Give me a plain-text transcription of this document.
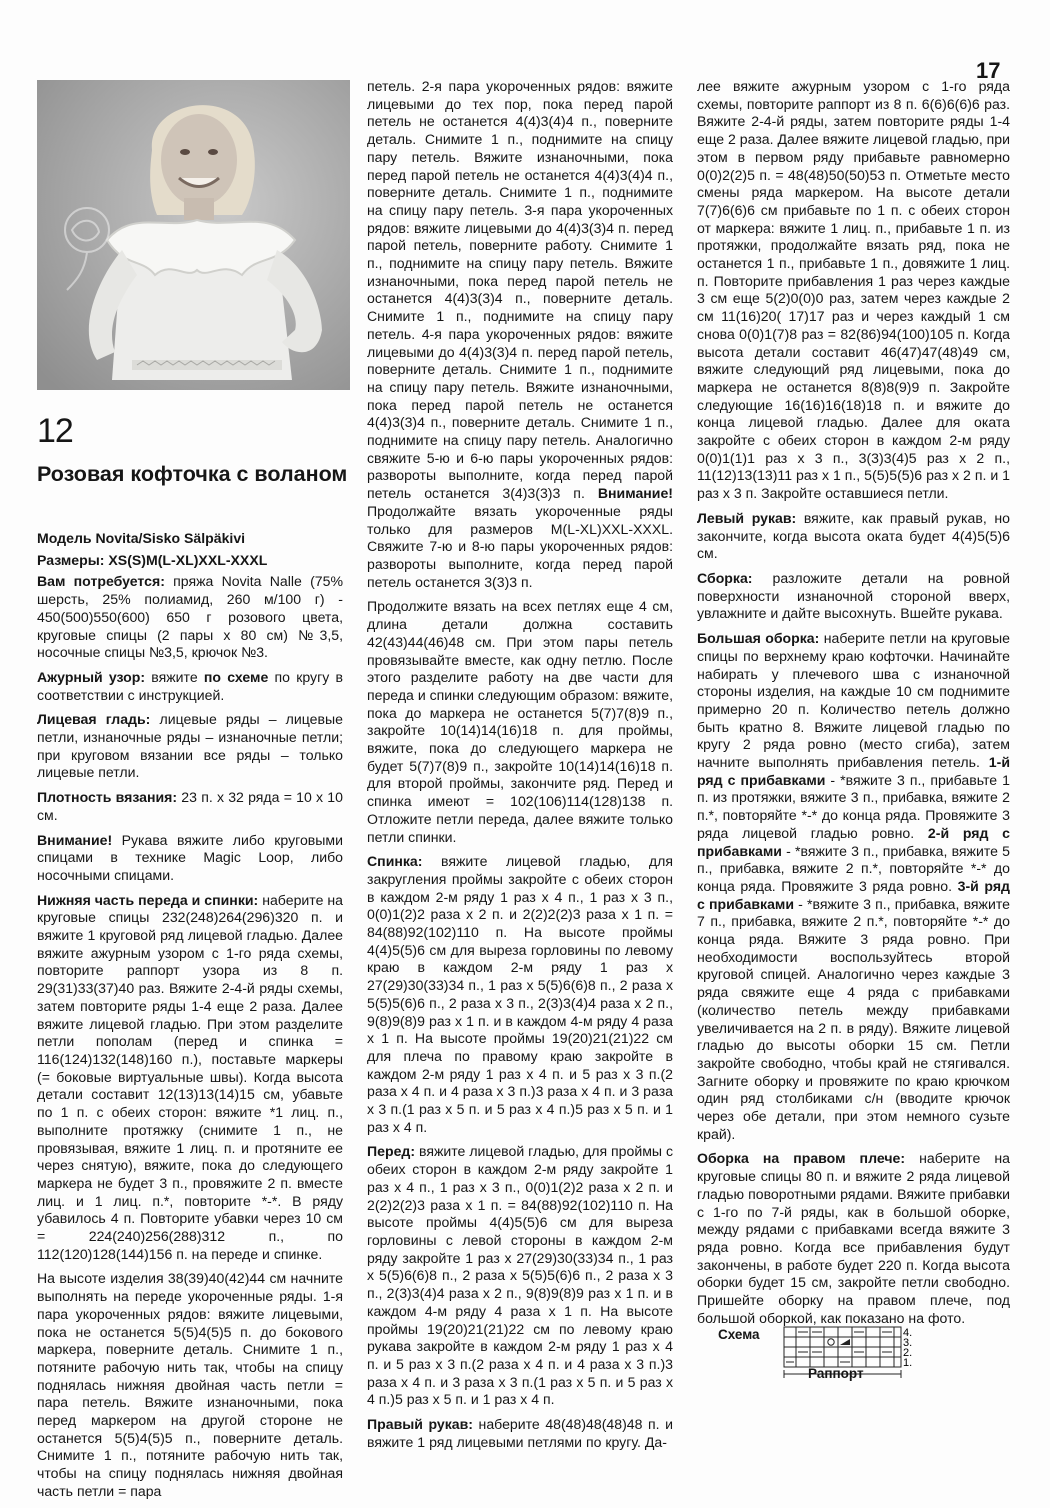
17
12
Розовая кофточка с воланом

Модель Novita/Sisko Sälpäkivi

Размеры: XS(S)M(L-XL)XXL-XXXL

Вам потребуется: пряжа Novita Nalle (75% шерсть, 25% полиамид, 260 м/100 г) - 450(500)550(600) 650 г розового цвета, круговые спицы (2 пары х 80 см) №3,5, носочные спицы №3,5, крючок №3.

Ажурный узор: вяжите по схеме по кругу в соответствии с инструкцией.

Лицевая гладь: лицевые ряды – лицевые петли, изнаночные ряды – изнаночные петли; при круговом вязании все ряды – только лицевые петли.

Плотность вязания: 23 п. х 32 ряда = 10 х 10 см.

Внимание! Рукава вяжите либо круговыми спицами в технике Magic Loop, либо носочными спицами.

Нижняя часть переда и спинки: наберите на круговые спицы 232(248)264(296)320 п. и вяжите 1 круговой ряд лицевой гладью. Далее вяжите ажурным узором с 1-го ряда схемы, повторите раппорт узора из 8 п. 29(31)33(37)40 раз. Вяжите 2-4-й ряды схемы, затем повторите ряды 1-4 еще 2 раза. Далее вяжите лицевой гладью. При этом разделите петли пополам (перед и спинка = 116(124)132(148)160 п.), поставьте маркеры (= боковые виртуальные швы). Когда высота детали составит 12(13)13(14)15 см, убавьте по 1 п. с обеих сторон: вяжите *1 лиц. п., выполните протяжку (снимите 1 п., не провязывая, вяжите 1 лиц. п. и протяните ее через снятую), вяжите, пока до следующего маркера не будет 3 п., провяжите 2 п. вместе лиц. и 1 лиц. п.*, повторите *-*. В ряду убавилось 4 п. Повторите убавки через 10 см = 224(240)256(288)312 п., по 112(120)128(144)156 п. на переде и спинке.

На высоте изделия 38(39)40(42)44 см начните выполнять на переде укороченные ряды. 1-я пара укороченных рядов: вяжите лицевыми, пока не останется 5(5)4(5)5 п. до бокового маркера, поверните деталь. Снимите 1 п., потяните рабочую нить так, чтобы на спицу поднялась нижняя двойная часть петли = пара петель. Вяжите изнаночными, пока перед маркером на другой стороне не останется 5(5)4(5)5 п., поверните деталь. Снимите 1 п., потяните рабочую нить так, чтобы на спицу поднялась нижняя двойная часть петли = пара

петель. 2-я пара укороченных рядов: вяжите лицевыми до тех пор, пока перед парой петель не останется 4(4)3(4)4 п., поверните деталь. Снимите 1 п., поднимите на спицу пару петель. Вяжите изнаночными, пока перед парой петель не останется 4(4)3(4)4 п., поверните деталь. Снимите 1 п., поднимите на спицу пару петель. 3-я пара укороченных рядов: вяжите лицевыми до 4(4)3(3)4 п. перед парой петель, поверните работу. Снимите 1 п., поднимите на спицу пару петель. Вяжите изнаночными, пока перед парой петель не останется 4(4)3(3)4 п., поверните деталь. Снимите 1 п., поднимите на спицу пару петель. 4-я пара укороченных рядов: вяжите лицевыми до 4(4)3(3)4 п. перед парой петель, поверните деталь. Снимите 1 п., поднимите на спицу пару петель. Вяжите изнаночными, пока перед парой петель не останется 4(4)3(3)4 п., поверните деталь. Снимите 1 п., поднимите на спицу пару петель. Аналогично свяжите 5-ю и 6-ю пары укороченных рядов: развороты выполните, когда перед парой петель останется 3(4)3(3)3 п. Внимание! Продолжайте вязать укороченные ряды только для размеров M(L-XL)XXL-XXXL. Свяжите 7-ю и 8-ю пары укороченных рядов: развороты выполните, когда перед парой петель останется 3(3)3 п.

Продолжите вязать на всех петлях еще 4 см, длина детали должна составить 42(43)44(46)48 см. При этом пары петель провязывайте вместе, как одну петлю. После этого разделите работу на две части для переда и спинки следующим образом: вяжите, пока до маркера не останется 5(7)7(8)9 п., закройте 10(14)14(16)18 п. для проймы, вяжите, пока до следующего маркера не будет 5(7)7(8)9 п., закройте 10(14)14(16)18 п. для второй проймы, закончите ряд. Перед и спинка имеют = 102(106)114(128)138 п. Отложите петли переда, далее вяжите только петли спинки.

Спинка: вяжите лицевой гладью, для закругления проймы закройте с обеих сторон в каждом 2-м ряду 1 раз х 4 п., 1 раз х 3 п., 0(0)1(2)2 раза х 2 п. и 2(2)2(2)3 раза х 1 п. = 84(88)92(102)110 п. На высоте проймы 4(4)5(5)6 см для выреза горловины по левому краю в каждом 2-м ряду 1 раз х 27(29)30(33)34 п., 1 раз х 5(5)6(6)8 п., 2 раза х 5(5)5(6)6 п., 2 раза х 3 п., 2(3)3(4)4 раза х 2 п., 9(8)9(8)9 раз х 1 п. и в каждом 4-м ряду 4 раза х 1 п. На высоте проймы 19(20)21(21)22 см для плеча по правому краю закройте в каждом 2-м ряду 1 раз х 4 п. и 5 раз х 3 п.(2 раза х 4 п. и 4 раза х 3 п.)3 раза х 4 п. и 3 раза х 3 п.(1 раз х 5 п. и 5 раз х 4 п.)5 раз х 5 п. и 1 раз х 4 п.

Перед: вяжите лицевой гладью, для проймы с обеих сторон в каждом 2-м ряду закройте 1 раз х 4 п., 1 раз х 3 п., 0(0)1(2)2 раза х 2 п. и 2(2)2(2)3 раза х 1 п. = 84(88)92(102)110 п. На высоте проймы 4(4)5(5)6 см для выреза горловины с левой стороны в каждом 2-м ряду закройте 1 раз х 27(29)30(33)34 п., 1 раз х 5(5)6(6)8 п., 2 раза х 5(5)5(6)6 п., 2 раза х 3 п., 2(3)3(4)4 раза х 2 п., 9(8)9(8)9 раз х 1 п. и в каждом 4-м ряду 4 раза х 1 п. На высоте проймы 19(20)21(21)22 см по левому краю рукава закройте в каждом 2-м ряду 1 раз х 4 п. и 5 раз х 3 п.(2 раза х 4 п. и 4 раза х 3 п.)3 раза х 4 п. и 3 раза х 3 п.(1 раз х 5 п. и 5 раз х 4 п.)5 раз х 5 п. и 1 раз х 4 п.

Правый рукав: наберите 48(48)48(48)48 п. и вяжите 1 ряд лицевыми петлями по кругу. Да-

лее вяжите ажурным узором с 1-го ряда схемы, повторите раппорт из 8 п. 6(6)6(6)6 раз. Вяжите 2-4-й ряды, затем повторите ряды 1-4 еще 2 раза. Далее вяжите лицевой гладью, при этом в первом ряду прибавьте равномерно 0(0)2(2)5 п. = 48(48)50(50)53 п. Отметьте место смены ряда маркером. На высоте детали 7(7)6(6)6 см прибавьте по 1 п. с обеих сторон от маркера: вяжите 1 лиц. п., прибавьте 1 п. из протяжки, продолжайте вязать ряд, пока не останется 1 п., прибавьте 1 п., довяжите 1 лиц. п. Повторите прибавления 1 раз через каждые 3 см еще 5(2)0(0)0 раз, затем через каждые 2 см 11(16)20( 17)17 раз и через каждый 1 см снова 0(0)1(7)8 раз = 82(86)94(100)105 п. Когда высота детали составит 46(47)47(48)49 см, вяжите следующий ряд лицевыми, пока до маркера не останется 8(8)8(9)9 п. Закройте следующие 16(16)16(18)18 п. и вяжите до конца лицевой гладью. Далее для оката закройте с обеих сторон в каждом 2-м ряду 0(0)1(1)1 раз х 3 п., 3(3)3(4)5 раз х 2 п., 11(12)13(13)11 раз х 1 п., 5(5)5(5)6 раз х 2 п. и 1 раз х 3 п. Закройте оставшиеся петли.

Левый рукав: вяжите, как правый рукав, но закончите, когда высота оката будет 4(4)5(5)6 см.

Сборка: разложите детали на ровной поверхности изнаночной стороной вверх, увлажните и дайте высохнуть. Вшейте рукава.

Большая оборка: наберите петли на круговые спицы по верхнему краю кофточки. Начинайте набирать у плечевого шва с изнаночной стороны изделия, на каждые 10 см поднимите примерно 20 п. Количество петель должно быть кратно 8. Вяжите лицевой гладью по кругу 2 ряда ровно (место сгиба), затем начните выполнять прибавления петель. 1-й ряд с прибавками - *вяжите 3 п., прибавьте 1 п. из протяжки, вяжите 3 п., прибавка, вяжите 2 п.*, повторяйте *-* до конца ряда. Провяжите 3 ряда лицевой гладью ровно. 2-й ряд с прибавками - *вяжите 3 п., прибавка, вяжите 5 п., прибавка, вяжите 2 п.*, повторяйте *-* до конца ряда. Провяжите 3 ряда ровно. 3-й ряд с прибавками - *вяжите 3 п., прибавка, вяжите 7 п., прибавка, вяжите 2 п.*, повторяйте *-* до конца ряда. Вяжите 3 ряда ровно. При необходимости воспользуйтесь второй круговой спицей. Аналогично через каждые 3 ряда свяжите еще 4 ряда с прибавками (количество петель между прибавками увеличивается на 2 п. в ряду). Вяжите лицевой гладью до высоты оборки 15 см. Петли закройте свободно, чтобы край не стягивался. Загните оборку и провяжите по краю крючком один ряд столбиками с/н (вводите крючок через обе детали, при этом немного сузьте край).

Оборка на правом плече: наберите на круговые спицы 80 п. и вяжите 2 ряда лицевой гладью поворотными рядами. Вяжите прибавки с 1-го по 7-й ряды, как в большой оборке, между рядами с прибавками всегда вяжите 3 ряда ровно. Когда все прибавления будут закончены, в работе будет 220 п. Когда высота оборки будет 15 см, закройте петли свободно. Пришейте оборку на правом плече, под большой оборкой, как показано на фото.

Схема	4.
3.
2.
1.
Раппорт
